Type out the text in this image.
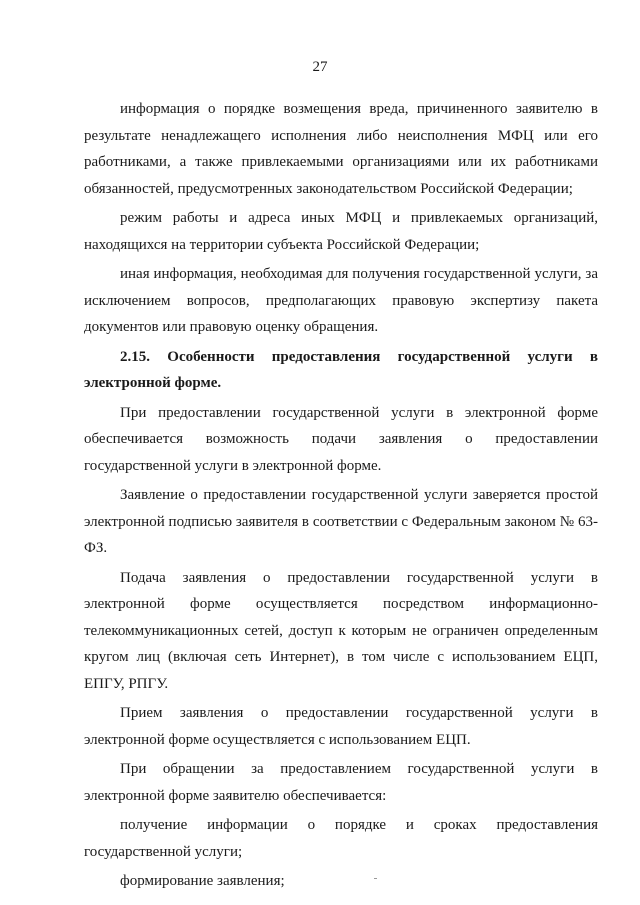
27

информация о порядке возмещения вреда, причиненного заявителю в результате ненадлежащего исполнения либо неисполнения МФЦ или его работниками, а также привлекаемыми организациями или их работниками обязанностей, предусмотренных законодательством Российской Федерации;

режим работы и адреса иных МФЦ и привлекаемых организаций, находящихся на территории субъекта Российской Федерации;

иная информация, необходимая для получения государственной услуги, за исключением вопросов, предполагающих правовую экспертизу пакета документов или правовую оценку обращения.

2.15. Особенности предоставления государственной услуги в электронной форме.

При предоставлении государственной услуги в электронной форме обеспечивается возможность подачи заявления о предоставлении государственной услуги в электронной форме.

Заявление о предоставлении государственной услуги заверяется простой электронной подписью заявителя в соответствии с Федеральным законом № 63-ФЗ.

Подача заявления о предоставлении государственной услуги в электронной форме осуществляется посредством информационно-телекоммуникационных сетей, доступ к которым не ограничен определенным кругом лиц (включая сеть Интернет), в том числе с использованием ЕЦП, ЕПГУ, РПГУ.

Прием заявления о предоставлении государственной услуги в электронной форме осуществляется с использованием ЕЦП.

При обращении за предоставлением государственной услуги в электронной форме заявителю обеспечивается:

получение информации о порядке и сроках предоставления государственной услуги;

формирование заявления;
